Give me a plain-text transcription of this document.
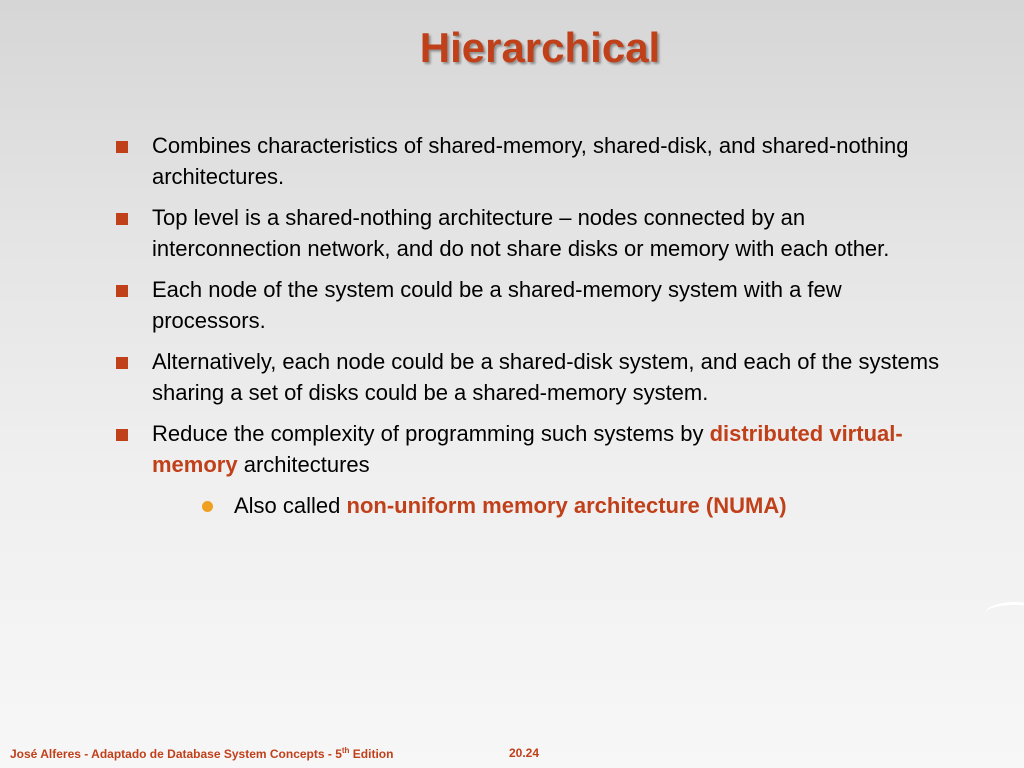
Hierarchical
Combines characteristics of shared-memory, shared-disk, and shared-nothing architectures.
Top level is a shared-nothing architecture – nodes connected by an interconnection network, and do not share disks or memory with each other.
Each node of the system could be a shared-memory system with a few processors.
Alternatively, each node could be a shared-disk system, and each of the systems sharing a set of disks could be a shared-memory system.
Reduce the complexity of programming such systems by distributed virtual-memory architectures
Also called non-uniform memory architecture (NUMA)
José Alferes - Adaptado de Database System Concepts - 5th Edition	20.24
